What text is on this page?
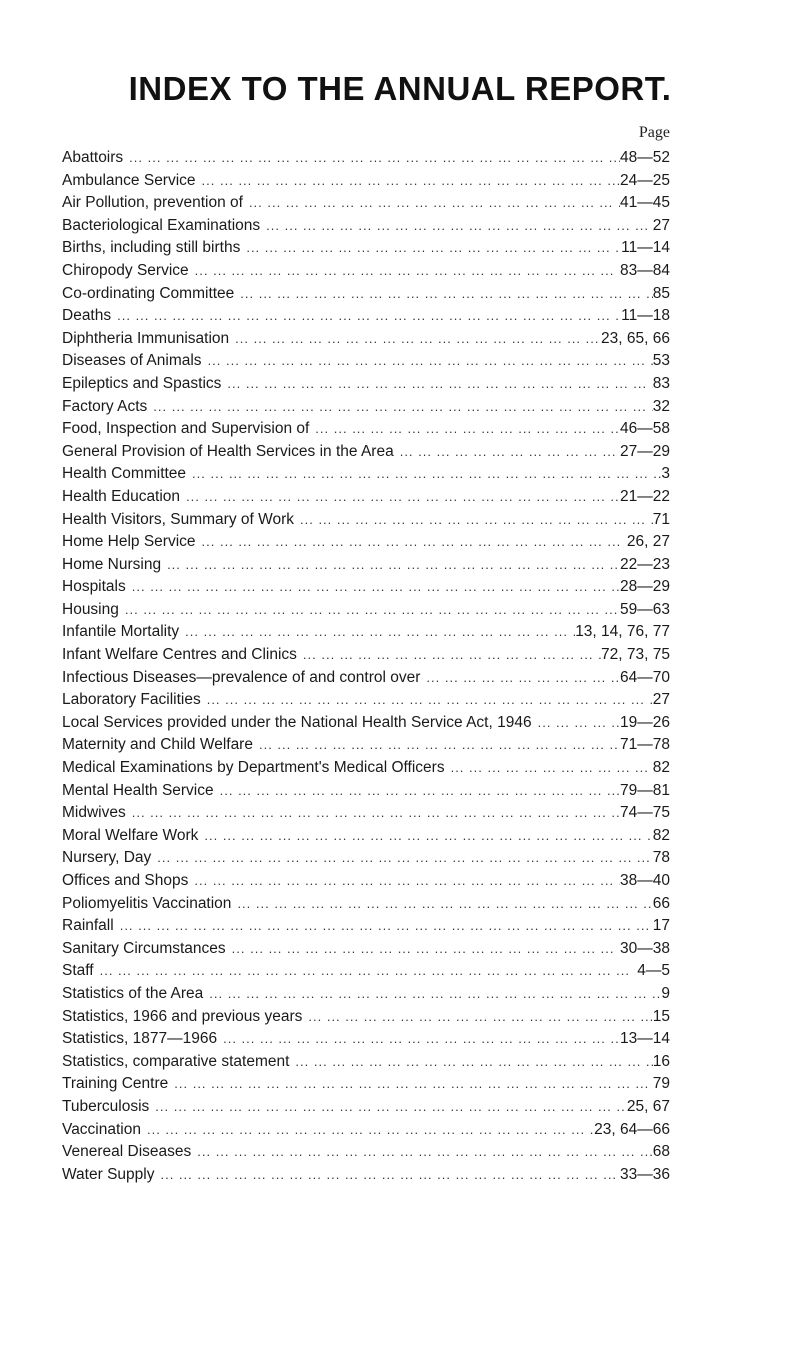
INDEX TO THE ANNUAL REPORT.
Page
Abattoirs ... .	48—52
Ambulance Service ... .	24—25
Air Pollution, prevention of ... .	41—45
Bacteriological Examinations ... .	27
Births, including still births ... .	11—14
Chiropody Service ... .	83—84
Co-ordinating Committee ... .	85
Deaths ... .	11—18
Diphtheria Immunisation ... .	23, 65, 66
Diseases of Animals ... .	53
Epileptics and Spastics ... .	83
Factory Acts ... .	32
Food, Inspection and Supervision of ... .	46—58
General Provision of Health Services in the Area ... .	27—29
Health Committee ... .	3
Health Education ... .	21—22
Health Visitors, Summary of Work ... .	71
Home Help Service ... .	26, 27
Home Nursing ... .	22—23
Hospitals ... .	28—29
Housing ... .	59—63
Infantile Mortality ... .	13, 14, 76, 77
Infant Welfare Centres and Clinics ... .	72, 73, 75
Infectious Diseases—prevalence of and control over ... .	64—70
Laboratory Facilities ... .	27
Local Services provided under the National Health Service Act, 1946 ... .	19—26
Maternity and Child Welfare ... .	71—78
Medical Examinations by Department's Medical Officers ... .	82
Mental Health Service ... .	79—81
Midwives ... .	74—75
Moral Welfare Work ... .	82
Nursery, Day ... .	78
Offices and Shops ... .	38—40
Poliomyelitis Vaccination ... .	66
Rainfall ... .	17
Sanitary Circumstances ... .	30—38
Staff ... .	4—5
Statistics of the Area ... .	9
Statistics, 1966 and previous years ... .	15
Statistics, 1877—1966 ... .	13—14
Statistics, comparative statement ... .	16
Training Centre ... .	79
Tuberculosis ... .	25, 67
Vaccination ... .	23, 64—66
Venereal Diseases ... .	68
Water Supply ... .	33—36
